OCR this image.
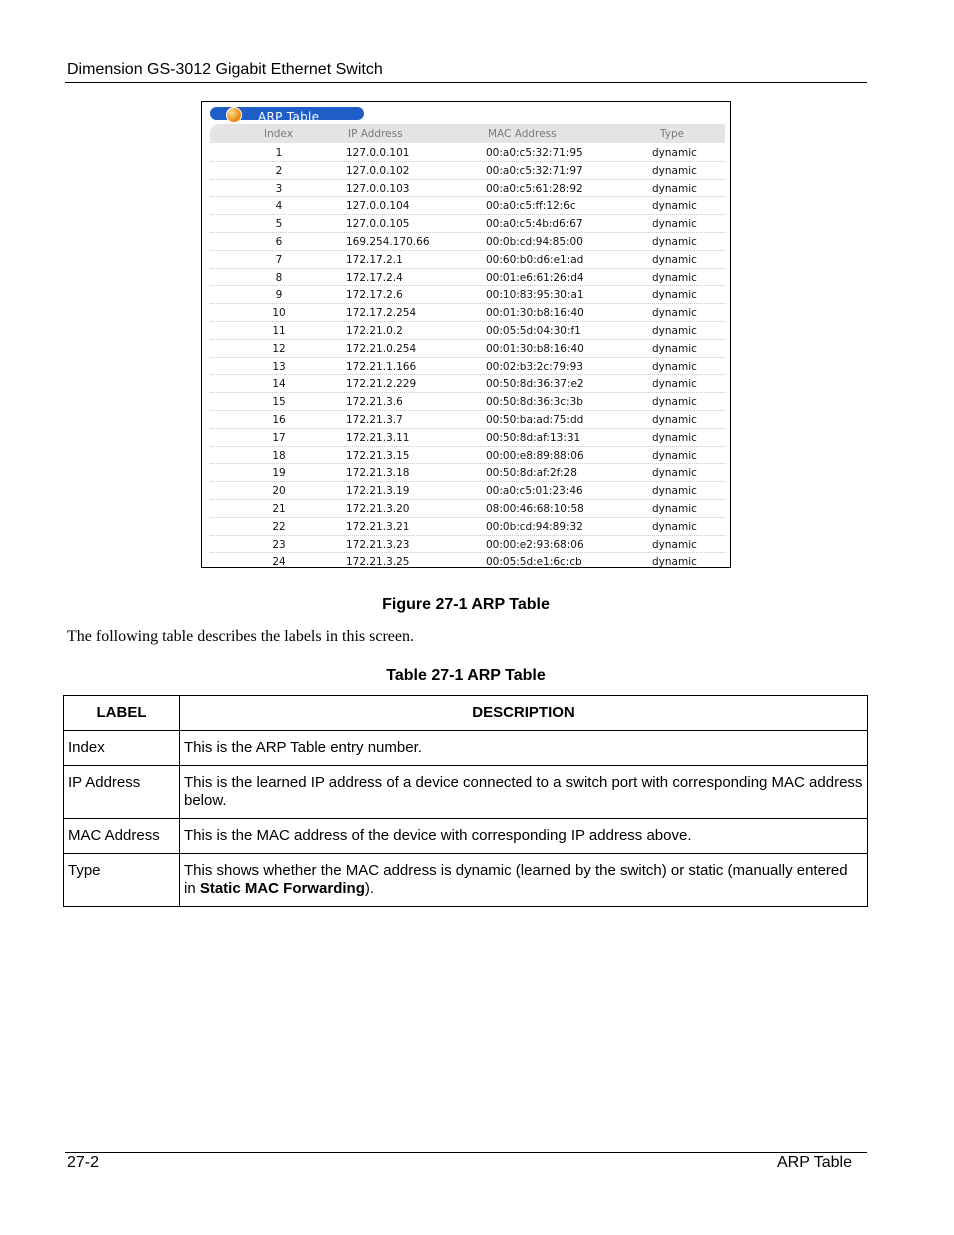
Dimension GS-3012 Gigabit Ethernet Switch
ARP Table
Index	IP Address	MAC Address	Type
1	127.0.0.101	00:a0:c5:32:71:95	dynamic
2	127.0.0.102	00:a0:c5:32:71:97	dynamic
3	127.0.0.103	00:a0:c5:61:28:92	dynamic
4	127.0.0.104	00:a0:c5:ff:12:6c	dynamic
5	127.0.0.105	00:a0:c5:4b:d6:67	dynamic
6	169.254.170.66	00:0b:cd:94:85:00	dynamic
7	172.17.2.1	00:60:b0:d6:e1:ad	dynamic
8	172.17.2.4	00:01:e6:61:26:d4	dynamic
9	172.17.2.6	00:10:83:95:30:a1	dynamic
10	172.17.2.254	00:01:30:b8:16:40	dynamic
11	172.21.0.2	00:05:5d:04:30:f1	dynamic
12	172.21.0.254	00:01:30:b8:16:40	dynamic
13	172.21.1.166	00:02:b3:2c:79:93	dynamic
14	172.21.2.229	00:50:8d:36:37:e2	dynamic
15	172.21.3.6	00:50:8d:36:3c:3b	dynamic
16	172.21.3.7	00:50:ba:ad:75:dd	dynamic
17	172.21.3.11	00:50:8d:af:13:31	dynamic
18	172.21.3.15	00:00:e8:89:88:06	dynamic
19	172.21.3.18	00:50:8d:af:2f:28	dynamic
20	172.21.3.19	00:a0:c5:01:23:46	dynamic
21	172.21.3.20	08:00:46:68:10:58	dynamic
22	172.21.3.21	00:0b:cd:94:89:32	dynamic
23	172.21.3.23	00:00:e2:93:68:06	dynamic
24	172.21.3.25	00:05:5d:e1:6c:cb	dynamic
Figure 27-1 ARP Table
The following table describes the labels in this screen.
Table 27-1 ARP Table
LABEL	DESCRIPTION
Index	This is the ARP Table entry number.
IP Address	This is the learned IP address of a device connected to a switch port with corresponding MAC address below.
MAC Address	This is the MAC address of the device with corresponding IP address above.
Type	This shows whether the MAC address is dynamic (learned by the switch) or static (manually entered in Static MAC Forwarding).
27-2	ARP Table
